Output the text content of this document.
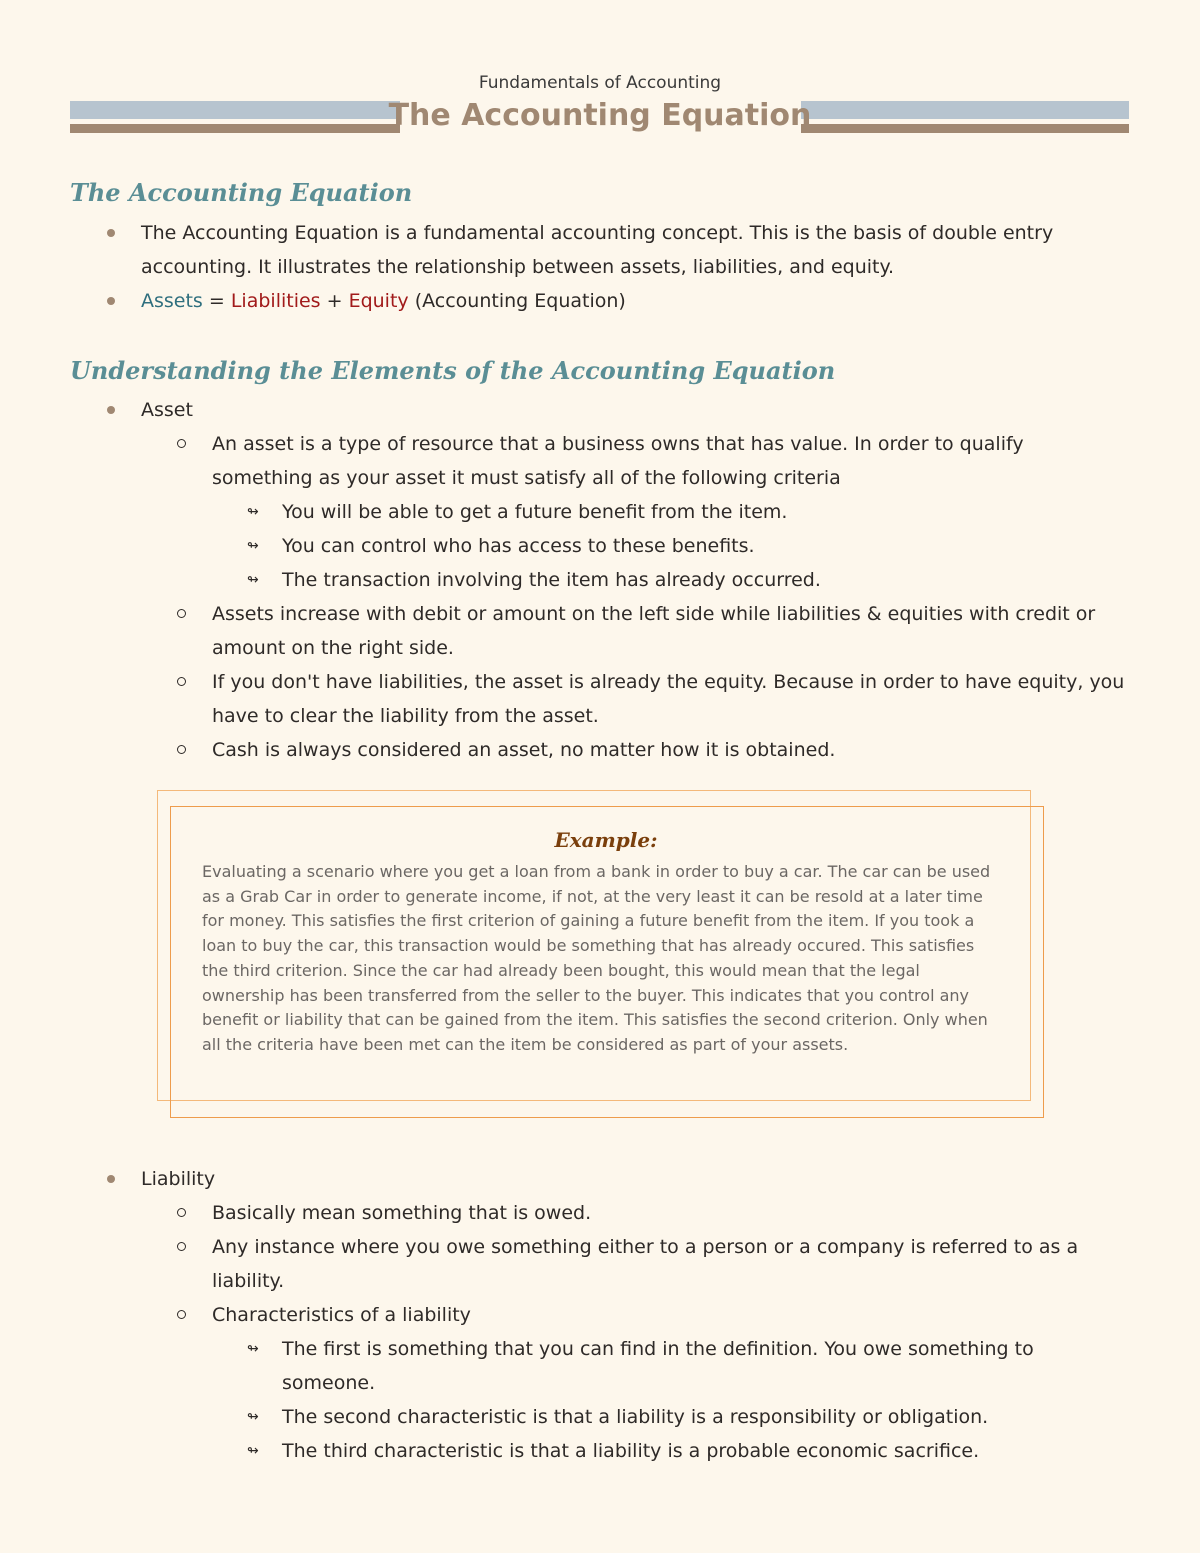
Fundamentals of Accounting
The Accounting Equation
The Accounting Equation
The Accounting Equation is a fundamental accounting concept. This is the basis of double entry accounting. It illustrates the relationship between assets, liabilities, and equity.
Assets = Liabilities + Equity (Accounting Equation)
Understanding the Elements of the Accounting Equation
Asset
An asset is a type of resource that a business owns that has value. In order to qualify something as your asset it must satisfy all of the following criteria
↬ You will be able to get a future benefit from the item.
↬ You can control who has access to these benefits.
↬ The transaction involving the item has already occurred.
Assets increase with debit or amount on the left side while liabilities & equities with credit or amount on the right side.
If you don't have liabilities, the asset is already the equity. Because in order to have equity, you have to clear the liability from the asset.
Cash is always considered an asset, no matter how it is obtained.
Example:
Evaluating a scenario where you get a loan from a bank in order to buy a car. The car can be used as a Grab Car in order to generate income, if not, at the very least it can be resold at a later time for money. This satisfies the first criterion of gaining a future benefit from the item. If you took a loan to buy the car, this transaction would be something that has already occured. This satisfies the third criterion. Since the car had already been bought, this would mean that the legal ownership has been transferred from the seller to the buyer. This indicates that you control any benefit or liability that can be gained from the item. This satisfies the second criterion. Only when all the criteria have been met can the item be considered as part of your assets.
Liability
Basically mean something that is owed.
Any instance where you owe something either to a person or a company is referred to as a liability.
Characteristics of a liability
↬ The first is something that you can find in the definition. You owe something to someone.
↬ The second characteristic is that a liability is a responsibility or obligation.
↬ The third characteristic is that a liability is a probable economic sacrifice.
